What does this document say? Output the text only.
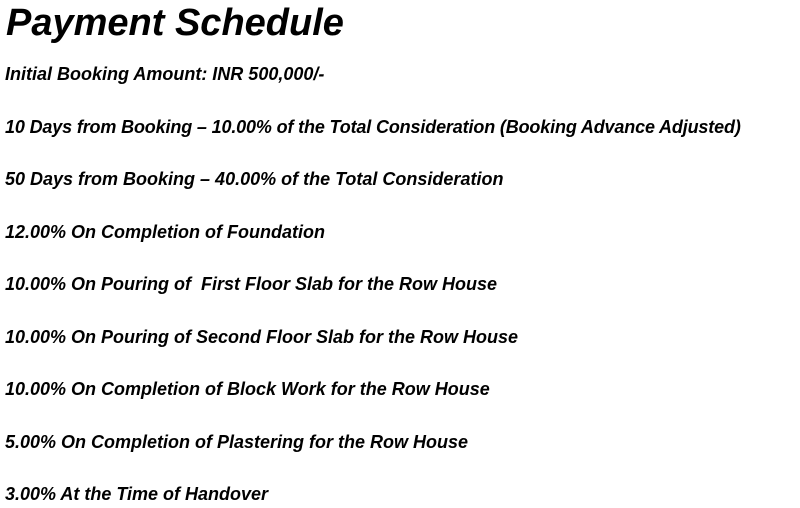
Payment Schedule

Initial Booking Amount: INR 500,000/-

10 Days from Booking – 10.00% of the Total Consideration (Booking Advance Adjusted)

50 Days from Booking – 40.00% of the Total Consideration

12.00% On Completion of Foundation

10.00% On Pouring of  First Floor Slab for the Row House

10.00% On Pouring of Second Floor Slab for the Row House

10.00% On Completion of Block Work for the Row House

5.00% On Completion of Plastering for the Row House

3.00% At the Time of Handover
